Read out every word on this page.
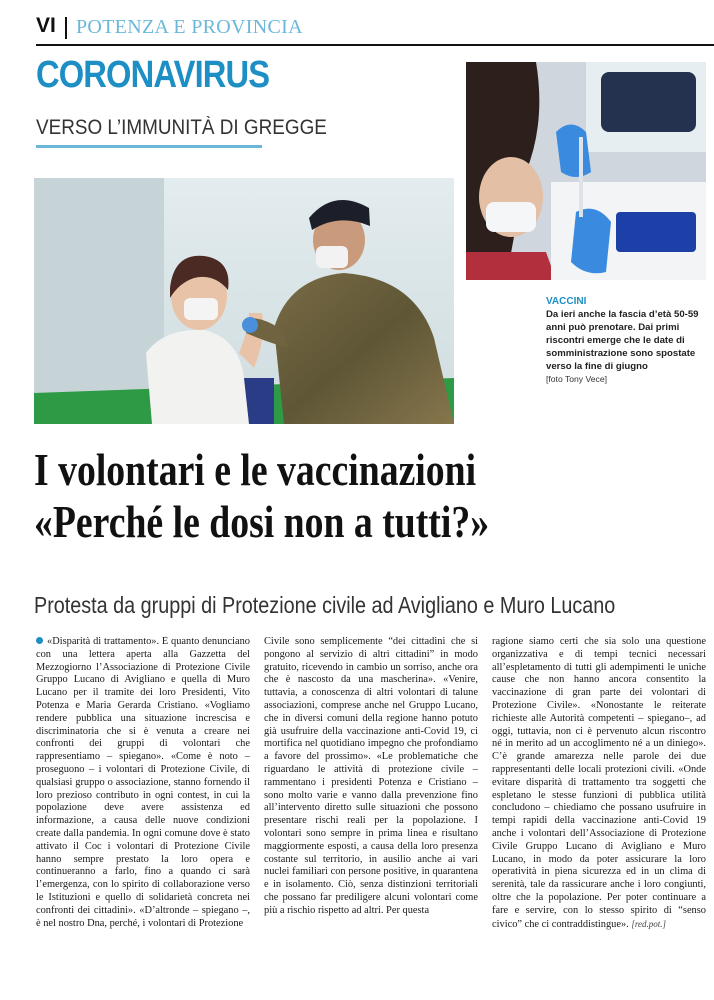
VI POTENZA E PROVINCIA
CORONAVIRUS
VERSO L’IMMUNITÀ DI GREGGE
VACCINI
Da ieri anche la fascia d’età 50-59 anni può prenotare. Dai primi riscontri emerge che le date di somministrazione sono spostate verso la fine di giugno
[foto Tony Vece]
I volontari e le vaccinazioni
«Perché le dosi non a tutti?»
Protesta da gruppi di Protezione civile ad Avigliano e Muro Lucano
«Disparità di trattamento». È quanto denunciano con una lettera aperta alla Gazzetta del Mezzogiorno l’Associazione di Protezione Civile Gruppo Lucano di Avigliano e quella di Muro Lucano per il tramite dei loro Presidenti, Vito Potenza e Maria Gerarda Cristiano. «Vogliamo rendere pubblica una situazione increscisa e discriminatoria che si è venuta a creare nei confronti dei gruppi di volontari che rappresentiamo – spiegano». «Come è noto – proseguono – i volontari di Protezione Civile, di qualsiasi gruppo o associazione, stanno fornendo il loro prezioso contributo in ogni contest, in cui la popolazione deve avere assistenza ed informazione, a causa delle nuove condizioni create dalla pandemia. In ogni comune dove è stato attivato il Coc i volontari di Protezione Civile hanno sempre prestato la loro opera e continueranno a farlo, fino a quando ci sarà l’emergenza, con lo spirito di collaborazione verso le Istituzioni e quello di solidarietà concreta nei confronti dei cittadini». «D’altronde – spiegano –, è nel nostro Dna, perché, i volontari di Protezione
Civile sono semplicemente “dei cittadini che si pongono al servizio di altri cittadini” in modo gratuito, ricevendo in cambio un sorriso, anche ora che è nascosto da una mascherina». «Venire, tuttavia, a conoscenza di altri volontari di talune associazioni, comprese anche nel Gruppo Lucano, che in diversi comuni della regione hanno potuto già usufruire della vaccinazione anti-Covid 19, ci mortifica nel quotidiano impegno che profondiamo a favore del prossimo». «Le problematiche che riguardano le attività di protezione civile – rammentano i presidenti Potenza e Cristiano – sono molto varie e vanno dalla prevenzione fino all’intervento diretto sulle situazioni che possono presentare rischi reali per la popolazione. I volontari sono sempre in prima linea e risultano maggiormente esposti, a causa della loro presenza costante sul territorio, in ausilio anche ai vari nuclei familiari con persone positive, in quarantena e in isolamento. Ciò, senza distinzioni territoriali che possano far prediligere alcuni volontari come più a rischio rispetto ad altri. Per questa
ragione siamo certi che sia solo una questione organizzativa e di tempi tecnici necessari all’espletamento di tutti gli adempimenti le uniche cause che non hanno ancora consentito la vaccinazione di gran parte dei volontari di Protezione Civile». «Nonostante le reiterate richieste alle Autorità competenti – spiegano–, ad oggi, tuttavia, non ci è pervenuto alcun riscontro né in merito ad un accoglimento né a un diniego». C’è grande amarezza nelle parole dei due rappresentanti delle locali protezioni civili. «Onde evitare disparità di trattamento tra soggetti che espletano le stesse funzioni di pubblica utilità concludono – chiediamo che possano usufruire in tempi rapidi della vaccinazione anti-Covid 19 anche i volontari dell’Associazione di Protezione Civile Gruppo Lucano di Avigliano e Muro Lucano, in modo da poter assicurare la loro operatività in piena sicurezza ed in un clima di serenità, tale da rassicurare anche i loro congiunti, oltre che la popolazione. Per poter continuare a fare e servire, con lo stesso spirito di “senso civico” che ci contraddistingue». [red.pot.]
